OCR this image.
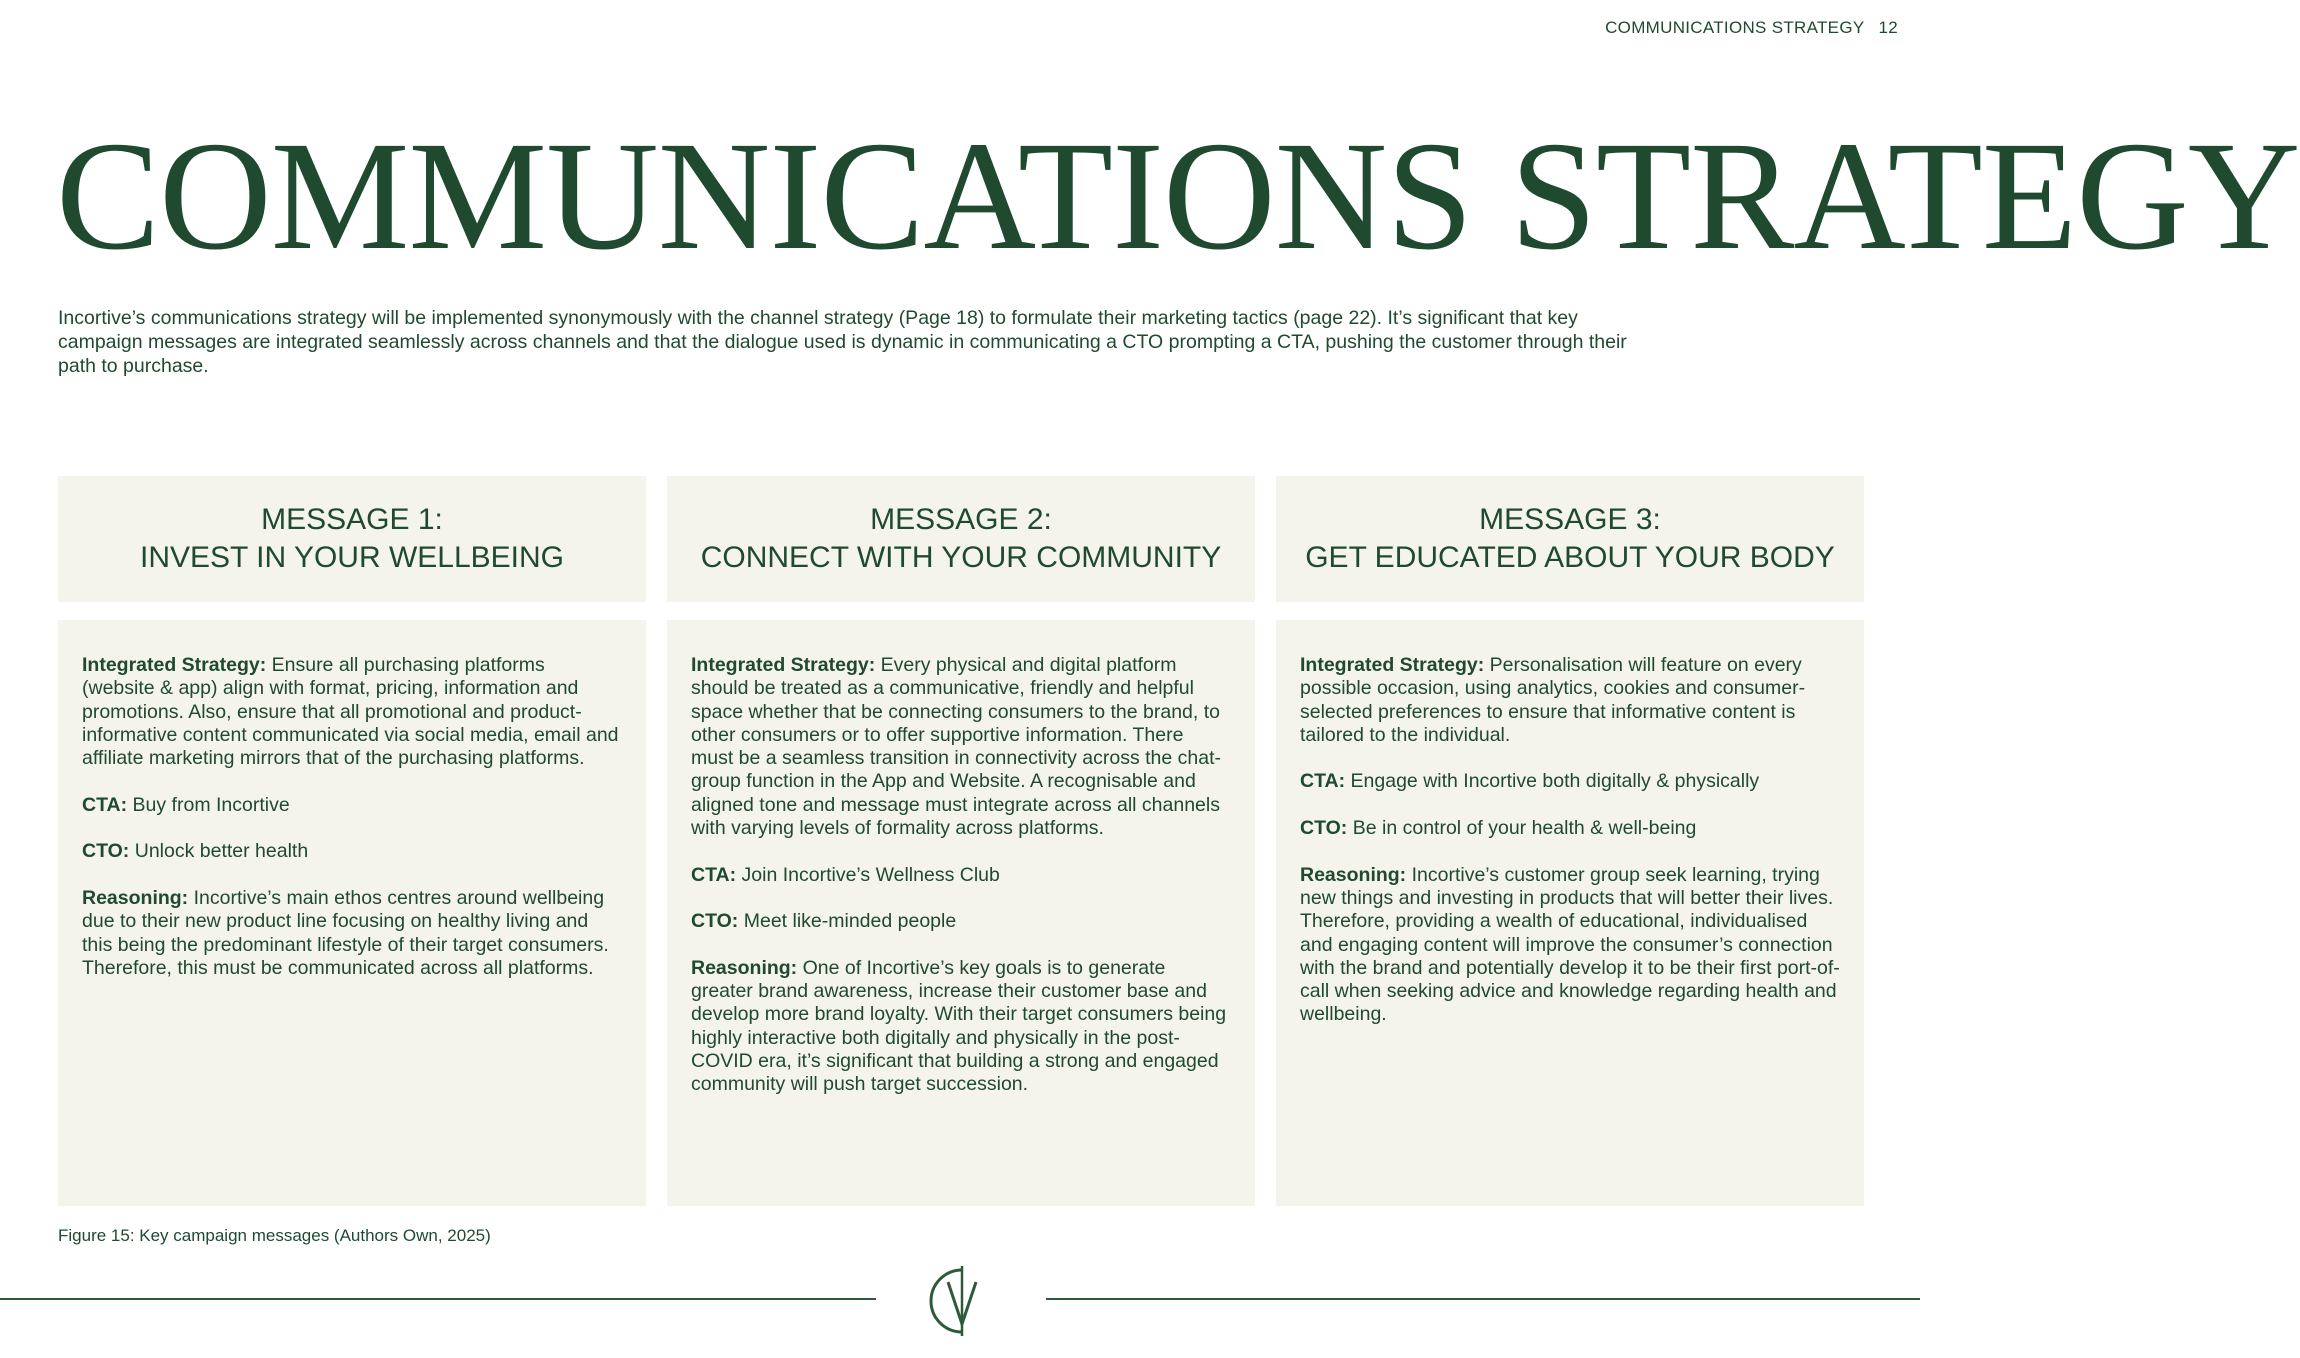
COMMUNICATIONS STRATEGY 12
COMMUNICATIONS STRATEGY
Incortive’s communications strategy will be implemented synonymously with the channel strategy (Page 18) to formulate their marketing tactics (page 22). It’s significant that key campaign messages are integrated seamlessly across channels and that the dialogue used is dynamic in communicating a CTO prompting a CTA, pushing the customer through their path to purchase.
MESSAGE 1:
INVEST IN YOUR WELLBEING

Integrated Strategy: Ensure all purchasing platforms (website & app) align with format, pricing, information and promotions. Also, ensure that all promotional and product-informative content communicated via social media, email and affiliate marketing mirrors that of the purchasing platforms.

CTA: Buy from Incortive

CTO: Unlock better health

Reasoning: Incortive’s main ethos centres around wellbeing due to their new product line focusing on healthy living and this being the predominant lifestyle of their target consumers. Therefore, this must be communicated across all platforms.

MESSAGE 2:
CONNECT WITH YOUR COMMUNITY

Integrated Strategy: Every physical and digital platform should be treated as a communicative, friendly and helpful space whether that be connecting consumers to the brand, to other consumers or to offer supportive information. There must be a seamless transition in connectivity across the chat-group function in the App and Website. A recognisable and aligned tone and message must integrate across all channels with varying levels of formality across platforms.

CTA: Join Incortive’s Wellness Club

CTO: Meet like-minded people

Reasoning: One of Incortive’s key goals is to generate greater brand awareness, increase their customer base and develop more brand loyalty. With their target consumers being highly interactive both digitally and physically in the post-COVID era, it’s significant that building a strong and engaged community will push target succession.

MESSAGE 3:
GET EDUCATED ABOUT YOUR BODY

Integrated Strategy: Personalisation will feature on every possible occasion, using analytics, cookies and consumer-selected preferences to ensure that informative content is tailored to the individual.

CTA: Engage with Incortive both digitally & physically

CTO: Be in control of your health & well-being

Reasoning: Incortive’s customer group seek learning, trying new things and investing in products that will better their lives. Therefore, providing a wealth of educational, individualised and engaging content will improve the consumer’s connection with the brand and potentially develop it to be their first port-of-call when seeking advice and knowledge regarding health and wellbeing.

Figure 15: Key campaign messages (Authors Own, 2025)
